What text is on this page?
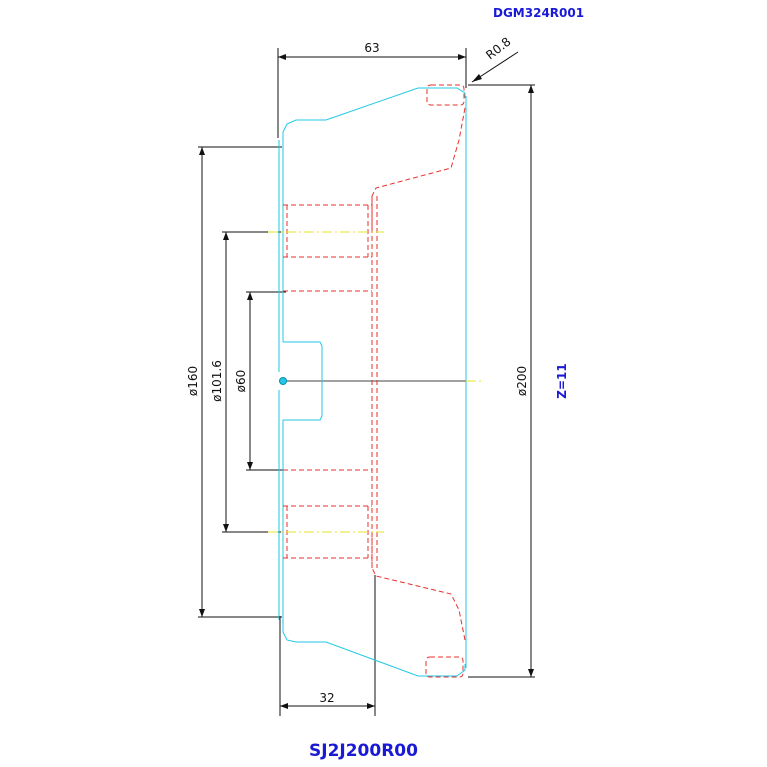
63
32
R0.8
ø200
ø160 ø101.6 ø60
DGM324R001
Z=11
SJ2J200R00
